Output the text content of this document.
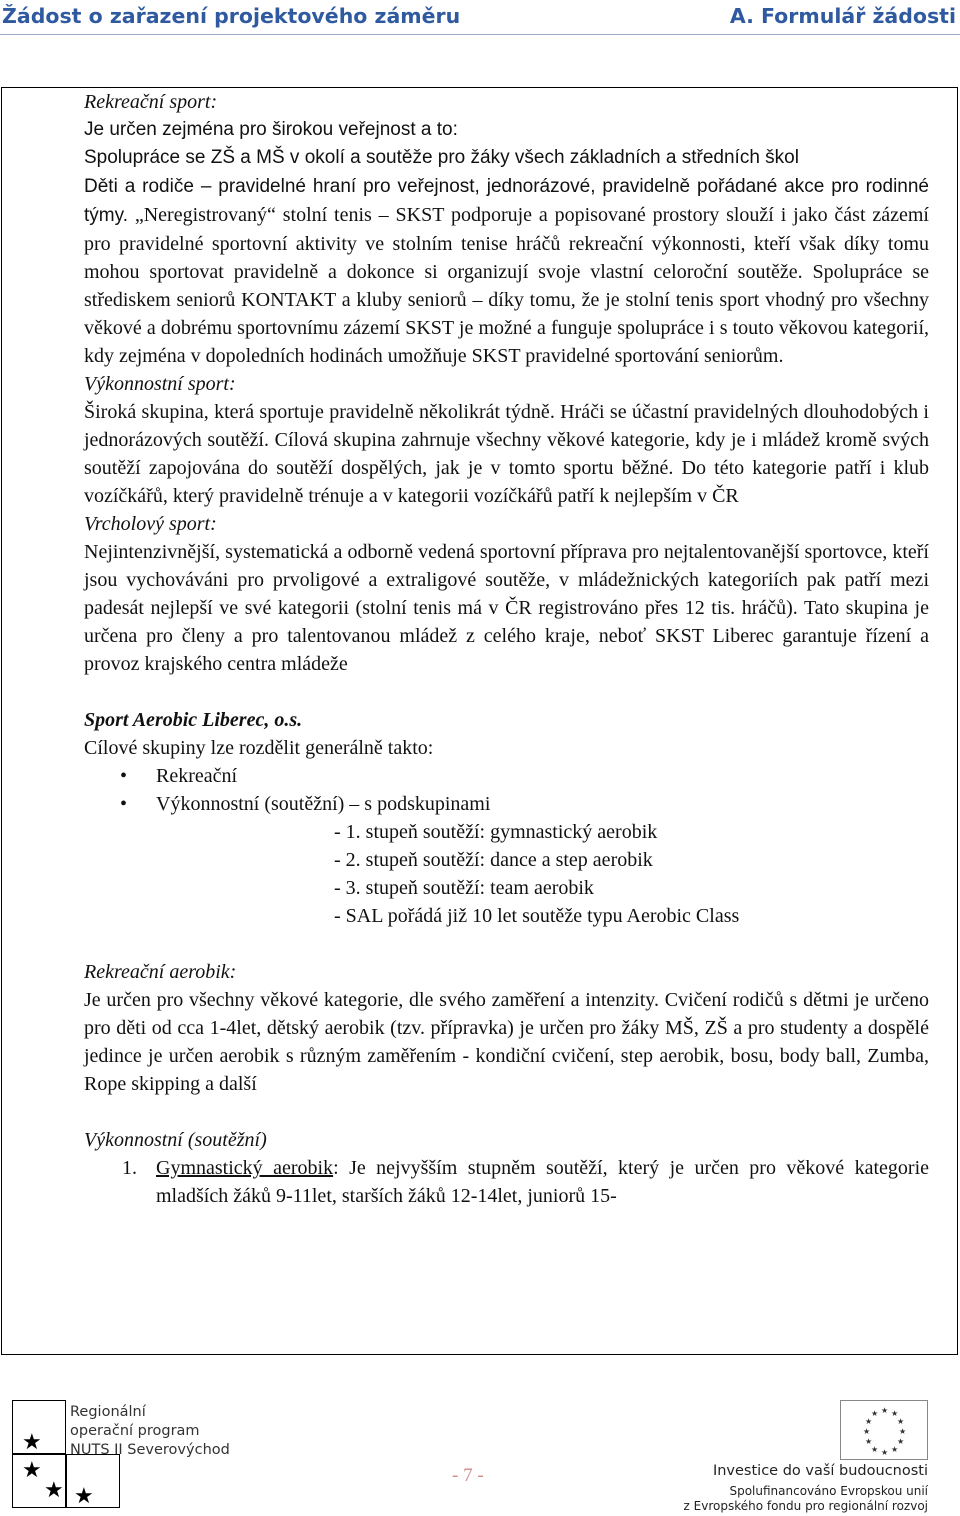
Žádost o zařazení projektového záměru	A. Formulář žádosti

Rekreační sport:

Je určen zejména pro širokou veřejnost a to:

Spolupráce se ZŠ a MŠ v okolí a soutěže pro žáky všech základních a středních škol

Děti a rodiče – pravidelné hraní pro veřejnost, jednorázové, pravidelně pořádané akce pro rodinné týmy. „Neregistrovaný“ stolní tenis – SKST podporuje a popisované prostory slouží i jako část zázemí pro pravidelné sportovní aktivity ve stolním tenise hráčů rekreační výkonnosti, kteří však díky tomu mohou sportovat pravidelně a dokonce si organizují svoje vlastní celoroční soutěže. Spolupráce se střediskem seniorů KONTAKT a kluby seniorů – díky tomu, že je stolní tenis sport vhodný pro všechny věkové a dobrému sportovnímu zázemí SKST je možné a funguje spolupráce i s touto věkovou kategorií, kdy zejména v dopoledních hodinách umožňuje SKST pravidelné sportování seniorům.

Výkonnostní sport:

Široká skupina, která sportuje pravidelně několikrát týdně. Hráči se účastní pravidelných dlouhodobých i jednorázových soutěží. Cílová skupina zahrnuje všechny věkové kategorie, kdy je i mládež kromě svých soutěží zapojována do soutěží dospělých, jak je v tomto sportu běžné. Do této kategorie patří i klub vozíčkářů, který pravidelně trénuje a v kategorii vozíčkářů patří k nejlepším v ČR

Vrcholový sport:

Nejintenzivnější, systematická a odborně vedená sportovní příprava pro nejtalentovanější sportovce, kteří jsou vychováváni pro prvoligové a extraligové soutěže, v mládežnických kategoriích pak patří mezi padesát nejlepší ve své kategorii (stolní tenis má v ČR registrováno přes 12 tis. hráčů). Tato skupina je určena pro členy a pro talentovanou mládež z celého kraje, neboť SKST Liberec garantuje řízení a provoz krajského centra mládeže

Sport Aerobic Liberec, o.s.

Cílové skupiny lze rozdělit generálně takto:

• Rekreační
• Výkonnostní (soutěžní) – s podskupinami
- 1. stupeň soutěží: gymnastický aerobik
- 2. stupeň soutěží: dance a step aerobik
- 3. stupeň soutěží: team aerobik
- SAL pořádá již 10 let soutěže typu Aerobic Class

Rekreační aerobik:

Je určen pro všechny věkové kategorie, dle svého zaměření a intenzity. Cvičení rodičů s dětmi je určeno pro děti od cca 1-4let, dětský aerobik (tzv. přípravka) je určen pro žáky MŠ, ZŠ a pro studenty a dospělé jedince je určen aerobik s různým zaměřením - kondiční cvičení, step aerobik, bosu, body ball, Zumba, Rope skipping a další

Výkonnostní (soutěžní)

1. Gymnastický aerobik: Je nejvyšším stupněm soutěží, který je určen pro věkové kategorie mladších žáků 9-11let, starších žáků 12-14let, juniorů 15-
★
★
★ ★
Regionální
operační program
NUTS II Severovýchod
- 7 -
★ ★
★
★
★
★
★
★
★
★
★
★
Investice do vaší budoucnosti
Spolufinancováno Evropskou unií
z Evropského fondu pro regionální rozvoj
